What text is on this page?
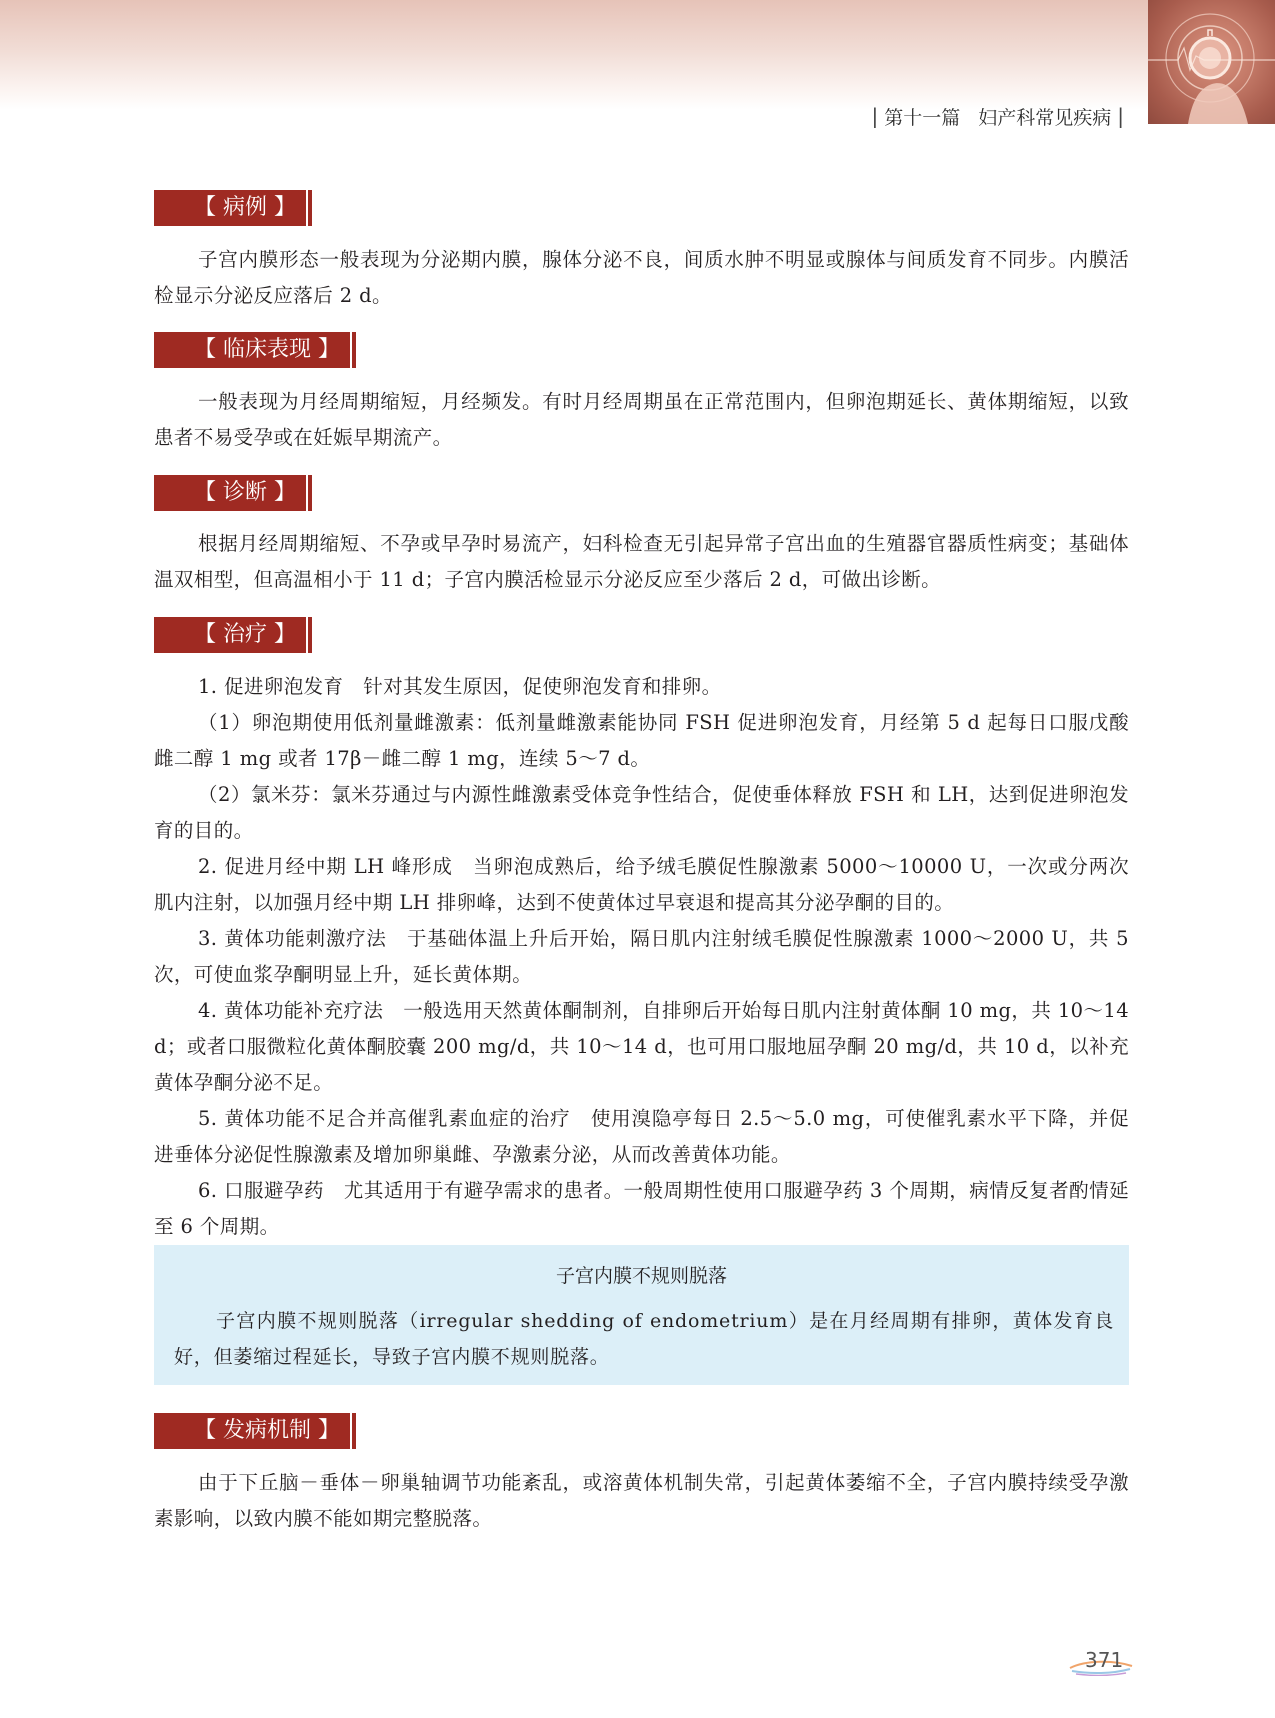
| 第十一篇 妇产科常见疾病 |
【 病例 】

子宫内膜形态一般表现为分泌期内膜，腺体分泌不良，间质水肿不明显或腺体与间质发育不同步。内膜活检显示分泌反应落后 2 d。

【 临床表现 】

一般表现为月经周期缩短，月经频发。有时月经周期虽在正常范围内，但卵泡期延长、黄体期缩短，以致患者不易受孕或在妊娠早期流产。

【 诊断 】

根据月经周期缩短、不孕或早孕时易流产，妇科检查无引起异常子宫出血的生殖器官器质性病变；基础体温双相型，但高温相小于 11 d；子宫内膜活检显示分泌反应至少落后 2 d，可做出诊断。

【 治疗 】

1. 促进卵泡发育　针对其发生原因，促使卵泡发育和排卵。

（1）卵泡期使用低剂量雌激素：低剂量雌激素能协同 FSH 促进卵泡发育，月经第 5 d 起每日口服戊酸雌二醇 1 mg 或者 17β－雌二醇 1 mg，连续 5～7 d。

（2）氯米芬：氯米芬通过与内源性雌激素受体竞争性结合，促使垂体释放 FSH 和 LH，达到促进卵泡发育的目的。

2. 促进月经中期 LH 峰形成　当卵泡成熟后，给予绒毛膜促性腺激素 5000～10000 U，一次或分两次肌内注射，以加强月经中期 LH 排卵峰，达到不使黄体过早衰退和提高其分泌孕酮的目的。

3. 黄体功能刺激疗法　于基础体温上升后开始，隔日肌内注射绒毛膜促性腺激素 1000～2000 U，共 5 次，可使血浆孕酮明显上升，延长黄体期。

4. 黄体功能补充疗法　一般选用天然黄体酮制剂，自排卵后开始每日肌内注射黄体酮 10 mg，共 10～14 d；或者口服微粒化黄体酮胶囊 200 mg/d，共 10～14 d，也可用口服地屈孕酮 20 mg/d，共 10 d，以补充黄体孕酮分泌不足。

5. 黄体功能不足合并高催乳素血症的治疗　使用溴隐亭每日 2.5～5.0 mg，可使催乳素水平下降，并促进垂体分泌促性腺激素及增加卵巢雌、孕激素分泌，从而改善黄体功能。

6. 口服避孕药　尤其适用于有避孕需求的患者。一般周期性使用口服避孕药 3 个周期，病情反复者酌情延至 6 个周期。

子宫内膜不规则脱落

子宫内膜不规则脱落（irregular shedding of endometrium）是在月经周期有排卵，黄体发育良好，但萎缩过程延长，导致子宫内膜不规则脱落。

【 发病机制 】

由于下丘脑－垂体－卵巢轴调节功能紊乱，或溶黄体机制失常，引起黄体萎缩不全，子宫内膜持续受孕激素影响，以致内膜不能如期完整脱落。

371
